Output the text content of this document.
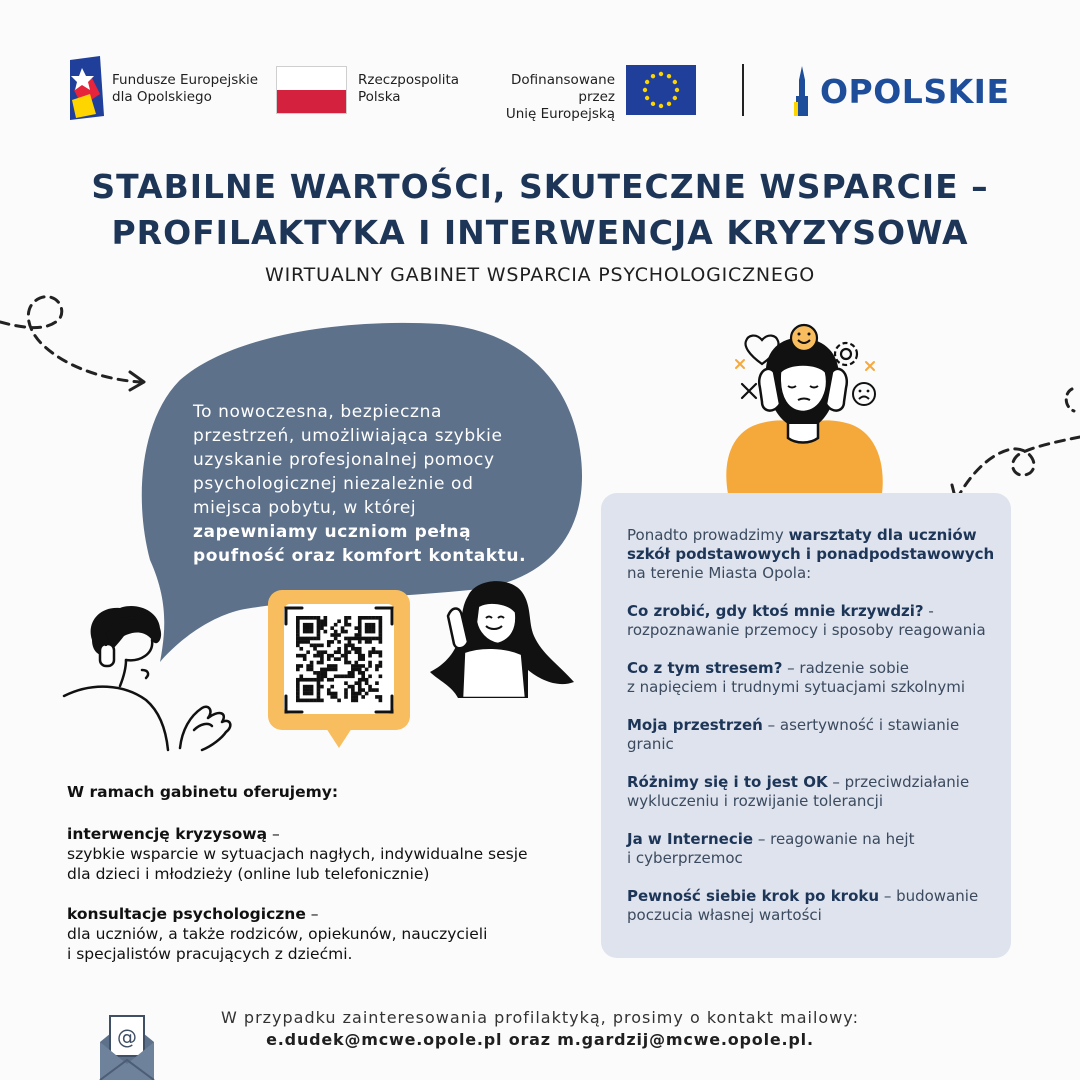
Fundusze Europejskie
dla Opolskiego
Rzeczpospolita
Polska
Dofinansowane przez
Unię Europejską
OPOLSKIE
STABILNE WARTOŚCI, SKUTECZNE WSPARCIE –
PROFILAKTYKA I INTERWENCJA KRYZYSOWA
WIRTUALNY GABINET WSPARCIA PSYCHOLOGICZNEGO
To nowoczesna, bezpieczna
przestrzeń, umożliwiająca szybkie
uzyskanie profesjonalnej pomocy
psychologicznej niezależnie od
miejsca pobytu, w której
zapewniamy uczniom pełną
poufność oraz komfort kontaktu.
W ramach gabinetu oferujemy:

interwencję kryzysową –
szybkie wsparcie w sytuacjach nagłych, indywidualne sesje
dla dzieci i młodzieży (online lub telefonicznie)

konsultacje psychologiczne –
dla uczniów, a także rodziców, opiekunów, nauczycieli
i specjalistów pracujących z dziećmi.

Ponadto prowadzimy warsztaty dla uczniów
szkół podstawowych i ponadpodstawowych
na terenie Miasta Opola:

Co zrobić, gdy ktoś mnie krzywdzi? -
rozpoznawanie przemocy i sposoby reagowania

Co z tym stresem? – radzenie sobie
z napięciem i trudnymi sytuacjami szkolnymi

Moja przestrzeń – asertywność i stawianie
granic

Różnimy się i to jest OK – przeciwdziałanie
wykluczeniu i rozwijanie tolerancji

Ja w Internecie – reagowanie na hejt
i cyberprzemoc

Pewność siebie krok po kroku – budowanie
poczucia własnej wartości

@
W przypadku zainteresowania profilaktyką, prosimy o kontakt mailowy:
e.dudek@mcwe.opole.pl oraz m.gardzij@mcwe.opole.pl.
